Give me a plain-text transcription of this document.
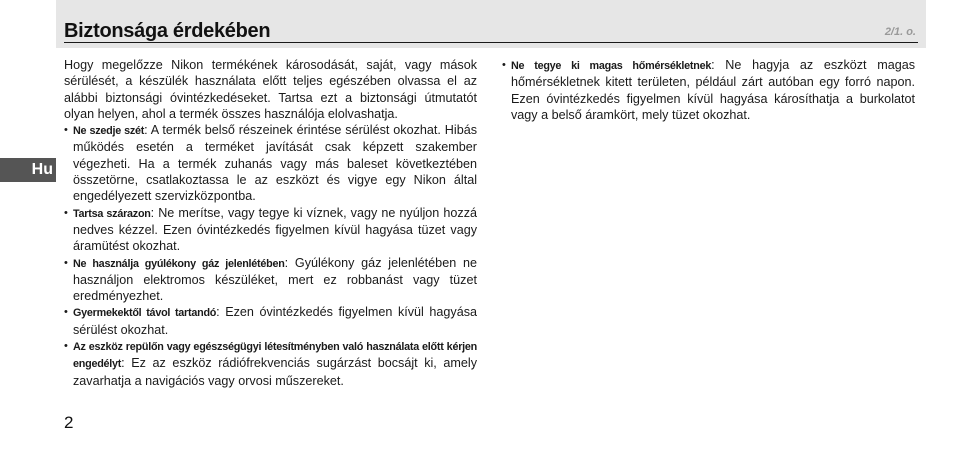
Biztonsága érdekében	2/1. o.
Hu

Hogy megelőzze Nikon termékének károsodását, saját, vagy mások sérülését, a készülék használata előtt teljes egészében olvassa el az alábbi biztonsági óvintézkedéseket. Tartsa ezt a biztonsági útmutatót olyan helyen, ahol a termék összes használója elolvashatja.

• Ne szedje szét: A termék belső részeinek érintése sérülést okozhat. Hibás működés esetén a terméket javítását csak képzett szakember végezheti. Ha a termék zuhanás vagy más baleset következtében összetörne, csatlakoztassa le az eszközt és vigye egy Nikon által engedélyezett szervizközpontba.
• Tartsa szárazon: Ne merítse, vagy tegye ki víznek, vagy ne nyúljon hozzá nedves kézzel. Ezen óvintézkedés figyelmen kívül hagyása tüzet vagy áramütést okozhat.
• Ne használja gyúlékony gáz jelenlétében: Gyúlékony gáz jelenlétében ne használjon elektromos készüléket, mert ez robbanást vagy tüzet eredményezhet.
• Gyermekektől távol tartandó: Ezen óvintézkedés figyelmen kívül hagyása sérülést okozhat.
• Az eszköz repülőn vagy egészségügyi létesítményben való használata előtt kérjen engedélyt: Ez az eszköz rádiófrekvenciás sugárzást bocsájt ki, amely zavarhatja a navigációs vagy orvosi műszereket.
• Ne tegye ki magas hőmérsékletnek: Ne hagyja az eszközt magas hőmérsékletnek kitett területen, például zárt autóban egy forró napon. Ezen óvintézkedés figyelmen kívül hagyása károsíthatja a burkolatot vagy a belső áramkört, mely tüzet okozhat.
2
